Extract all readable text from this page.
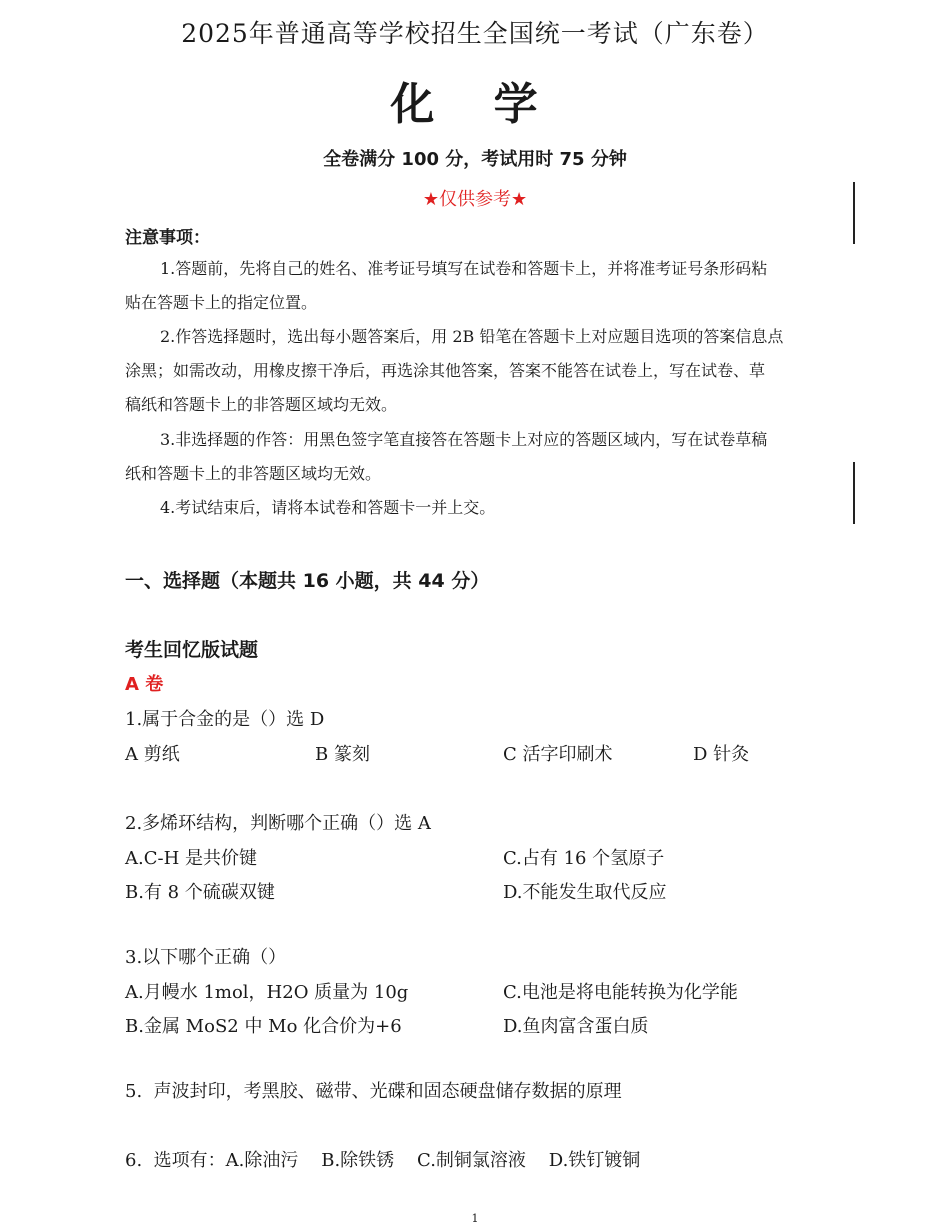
2025年普通高等学校招生全国统一考试（广东卷）
化 学
全卷满分 100 分，考试用时 75 分钟
★仅供参考★
注意事项：
1.答题前，先将自己的姓名、准考证号填写在试卷和答题卡上，并将准考证号条形码粘
贴在答题卡上的指定位置。
2.作答选择题时，选出每小题答案后，用 2B 铅笔在答题卡上对应题目选项的答案信息点
涂黑；如需改动，用橡皮擦干净后，再选涂其他答案，答案不能答在试卷上，写在试卷、草
稿纸和答题卡上的非答题区域均无效。
3.非选择题的作答：用黑色签字笔直接答在答题卡上对应的答题区域内，写在试卷草稿
纸和答题卡上的非答题区域均无效。
4.考试结束后，请将本试卷和答题卡一并上交。
一、选择题（本题共 16 小题，共 44 分）
考生回忆版试题
A 卷
1.属于合金的是（）选 D
A 剪纸	B 篆刻	C 活字印刷术	D 针灸
2.多烯环结构，判断哪个正确（）选 A
A.C-H 是共价键	C.占有 16 个氢原子
B.有 8 个硫碳双键	D.不能发生取代反应
3.以下哪个正确（）
A.月幔水 1mol，H2O 质量为 10g	C.电池是将电能转换为化学能
B.金属 MoS2 中 Mo 化合价为+6	D.鱼肉富含蛋白质
5.  声波封印，考黑胶、磁带、光碟和固态硬盘储存数据的原理
6.  选项有：A.除油污    B.除铁锈    C.制铜氯溶液    D.铁钉镀铜
1
